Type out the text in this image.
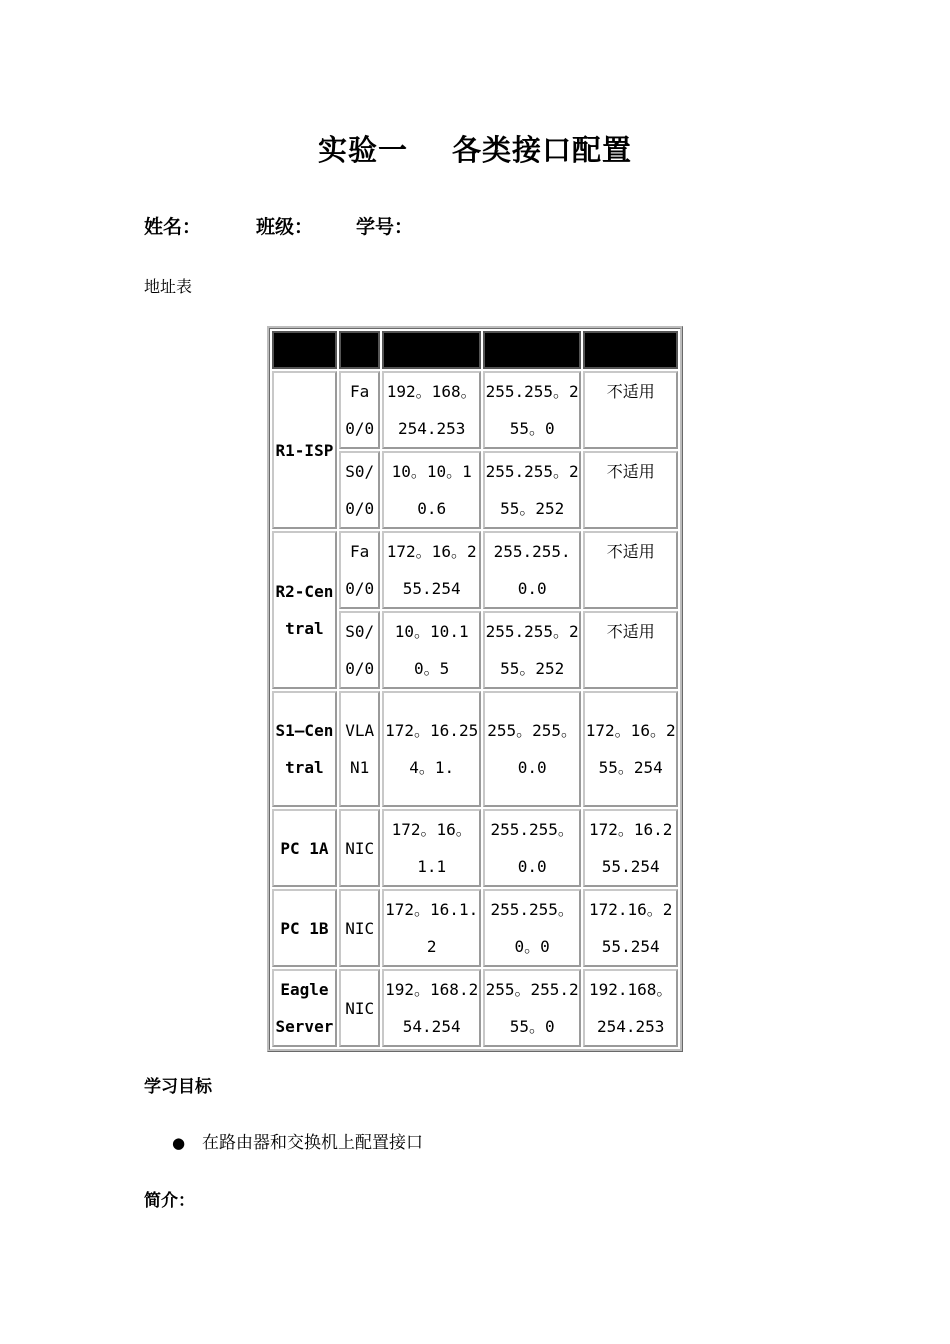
实验一 各类接口配置
姓名：	班级： 学号：
地址表

R1-ISP	Fa0/0	192。168。254.253	255.255。255。0	不适用
	S0/0/0	10。10。10.6	255.255。255。252	不适用
R2-Central	Fa0/0	172。16。255.254	255.255.0.0	不适用
	S0/0/0	10。10.10。5	255.255。255。252	不适用
S1—Central	VLAN1	172。16.254。1.	255。255。0.0	172。16。255。254
PC 1A	NIC	172。16。1.1	255.255。0.0	172。16.255.254
PC 1B	NIC	172。16.1.2	255.255。0。0	172.16。255.254
Eagle Server	NIC	192。168.254.254	255。255.255。0	192.168。254.253
学习目标
● 在路由器和交换机上配置接口
简介：
